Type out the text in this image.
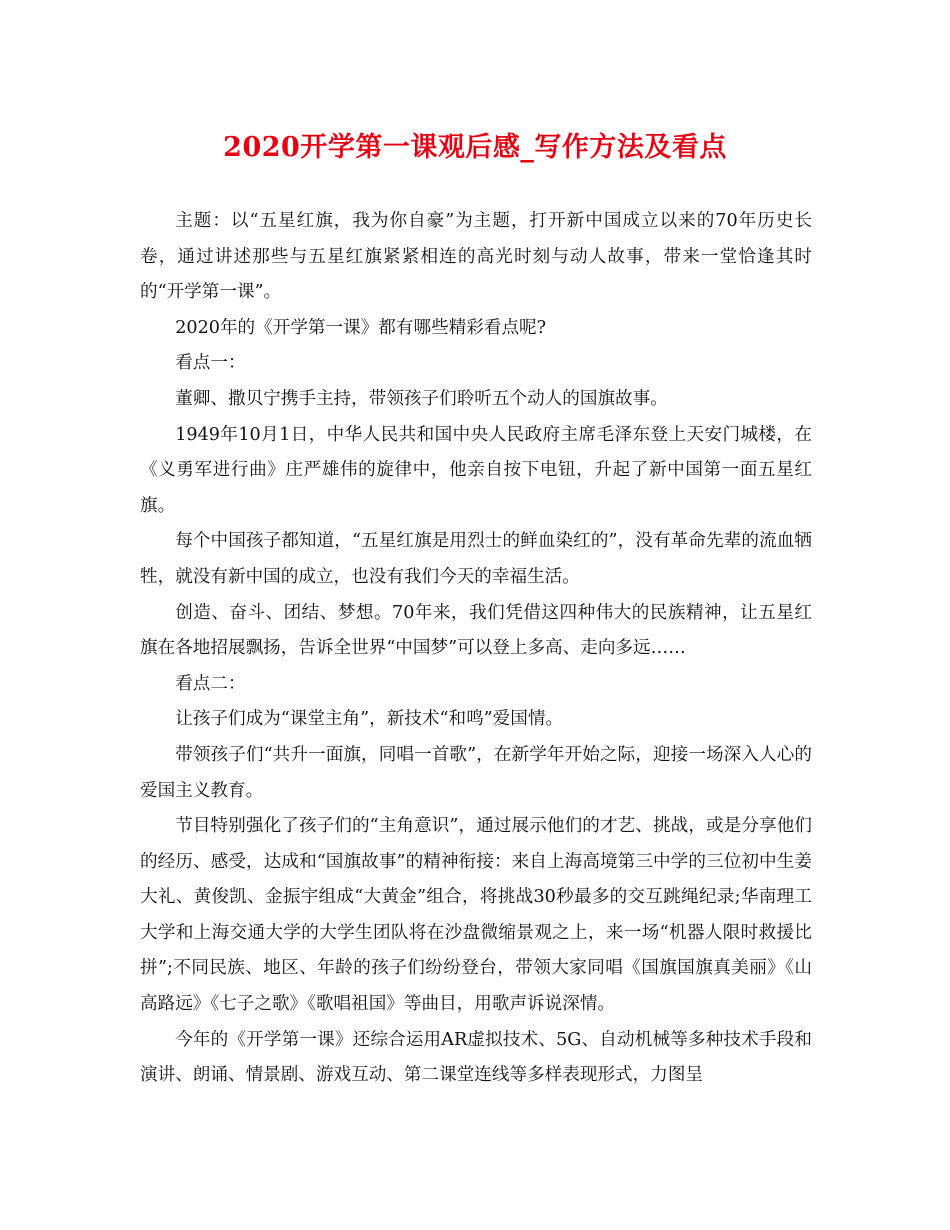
2020开学第一课观后感_写作方法及看点

主题：以“五星红旗，我为你自豪”为主题，打开新中国成立以来的70年历史长卷，通过讲述那些与五星红旗紧紧相连的高光时刻与动人故事，带来一堂恰逢其时的“开学第一课”。

2020年的《开学第一课》都有哪些精彩看点呢?

看点一：

董卿、撒贝宁携手主持，带领孩子们聆听五个动人的国旗故事。

1949年10月1日，中华人民共和国中央人民政府主席毛泽东登上天安门城楼，在《义勇军进行曲》庄严雄伟的旋律中，他亲自按下电钮，升起了新中国第一面五星红旗。

每个中国孩子都知道，“五星红旗是用烈士的鲜血染红的”，没有革命先辈的流血牺牲，就没有新中国的成立，也没有我们今天的幸福生活。

创造、奋斗、团结、梦想。70年来，我们凭借这四种伟大的民族精神，让五星红旗在各地招展飘扬，告诉全世界“中国梦”可以登上多高、走向多远……

看点二：

让孩子们成为“课堂主角”，新技术“和鸣”爱国情。

带领孩子们“共升一面旗，同唱一首歌”，在新学年开始之际，迎接一场深入人心的爱国主义教育。

节目特别强化了孩子们的“主角意识”，通过展示他们的才艺、挑战，或是分享他们的经历、感受，达成和“国旗故事”的精神衔接：来自上海高境第三中学的三位初中生姜大礼、黄俊凯、金振宇组成“大黄金”组合，将挑战30秒最多的交互跳绳纪录;华南理工大学和上海交通大学的大学生团队将在沙盘微缩景观之上，来一场“机器人限时救援比拼”;不同民族、地区、年龄的孩子们纷纷登台，带领大家同唱《国旗国旗真美丽》《山高路远》《七子之歌》《歌唱祖国》等曲目，用歌声诉说深情。

今年的《开学第一课》还综合运用AR虚拟技术、5G、自动机械等多种技术手段和演讲、朗诵、情景剧、游戏互动、第二课堂连线等多样表现形式，力图呈
